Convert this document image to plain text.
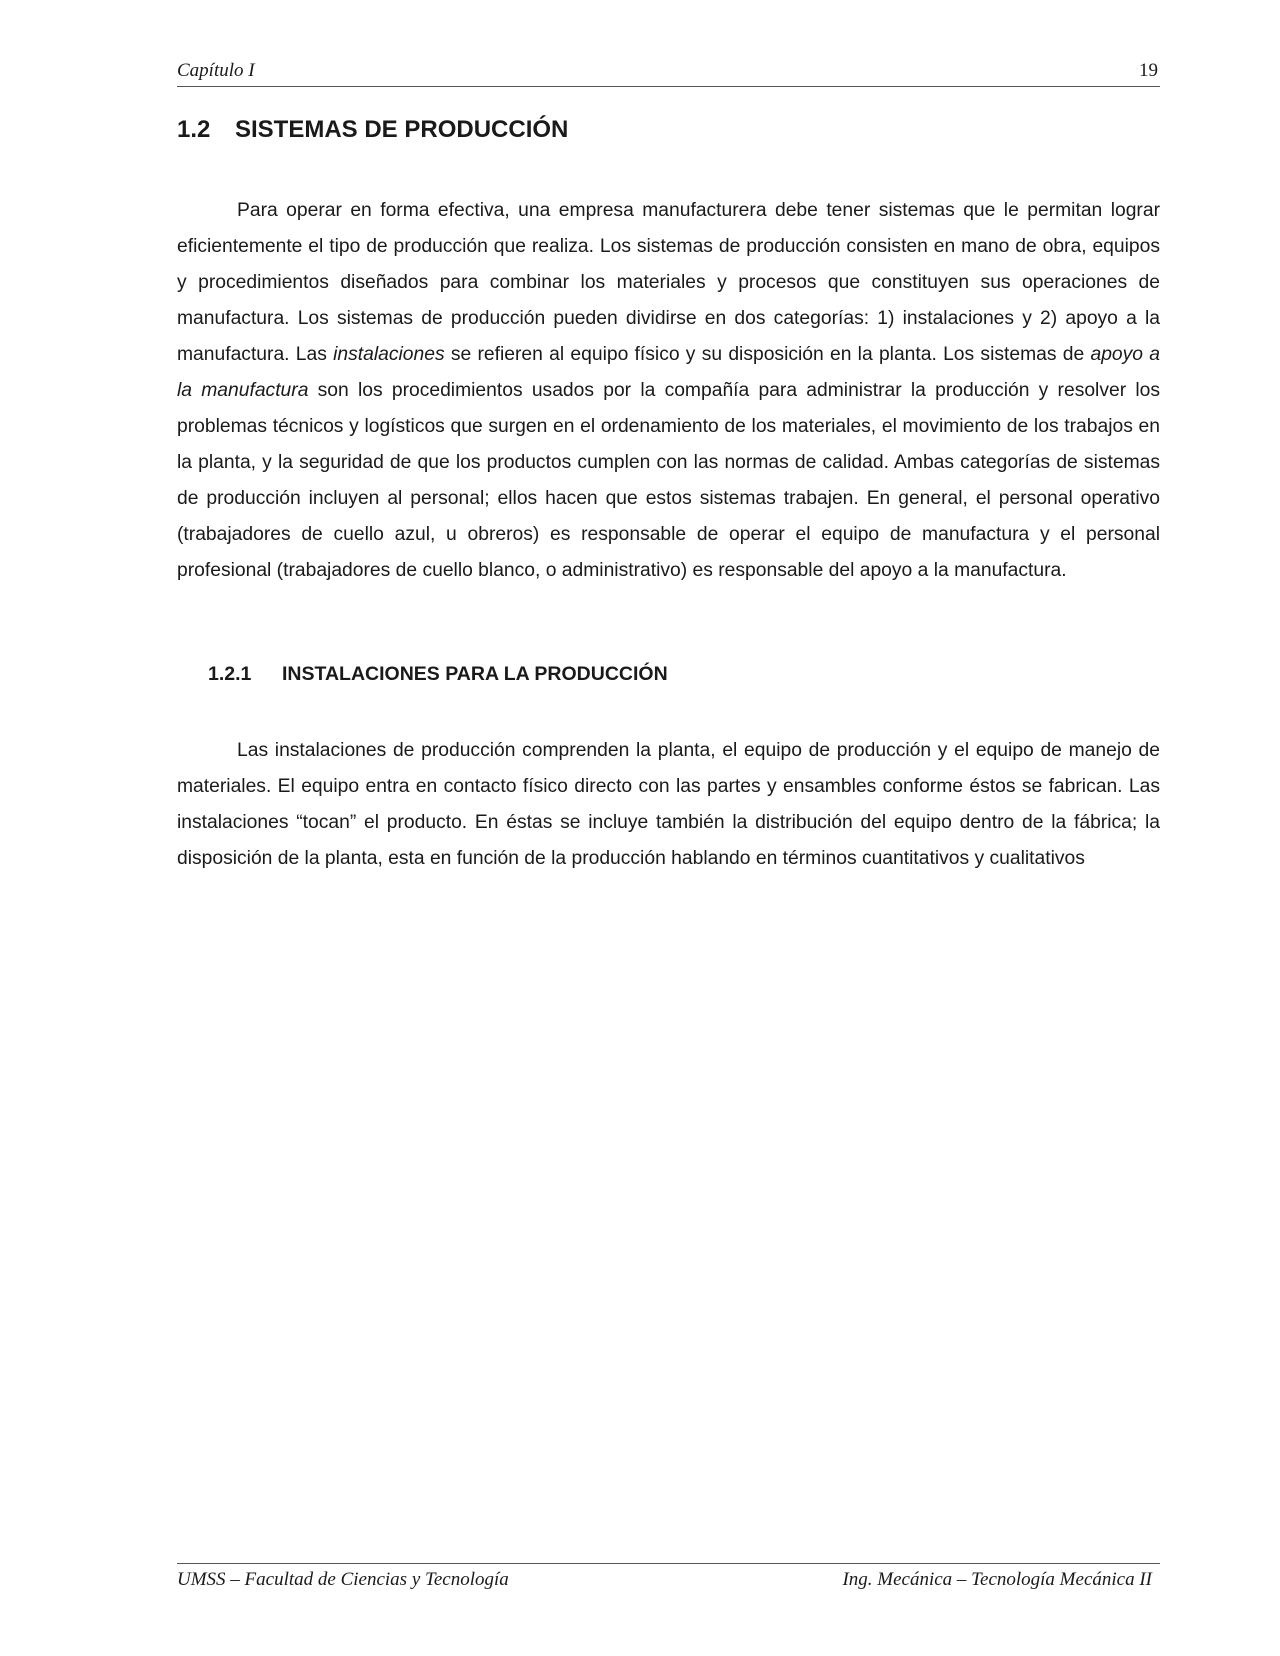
Capítulo I	19
1.2 SISTEMAS DE PRODUCCIÓN

Para operar en forma efectiva, una empresa manufacturera debe tener sistemas que le permitan lograr eficientemente el tipo de producción que realiza. Los sistemas de producción consisten en mano de obra, equipos y procedimientos diseñados para combinar los materiales y procesos que constituyen sus operaciones de manufactura. Los sistemas de producción pueden dividirse en dos categorías: 1) instalaciones y 2) apoyo a la manufactura. Las instalaciones se refieren al equipo físico y su disposición en la planta. Los sistemas de apoyo a la manufactura son los procedimientos usados por la compañía para administrar la producción y resolver los problemas técnicos y logísticos que surgen en el ordenamiento de los materiales, el movimiento de los trabajos en la planta, y la seguridad de que los productos cumplen con las normas de calidad. Ambas categorías de sistemas de producción incluyen al personal; ellos hacen que estos sistemas trabajen. En general, el personal operativo (trabajadores de cuello azul, u obreros) es responsable de operar el equipo de manufactura y el personal profesional (trabajadores de cuello blanco, o administrativo) es responsable del apoyo a la manufactura.

1.2.1 INSTALACIONES PARA LA PRODUCCIÓN

Las instalaciones de producción comprenden la planta, el equipo de producción y el equipo de manejo de materiales. El equipo entra en contacto físico directo con las partes y ensambles conforme éstos se fabrican. Las instalaciones “tocan” el producto. En éstas se incluye también la distribución del equipo dentro de la fábrica; la disposición de la planta, esta en función de la producción hablando en términos cuantitativos y cualitativos

UMSS – Facultad de Ciencias y Tecnología	Ing. Mecánica – Tecnología Mecánica II
